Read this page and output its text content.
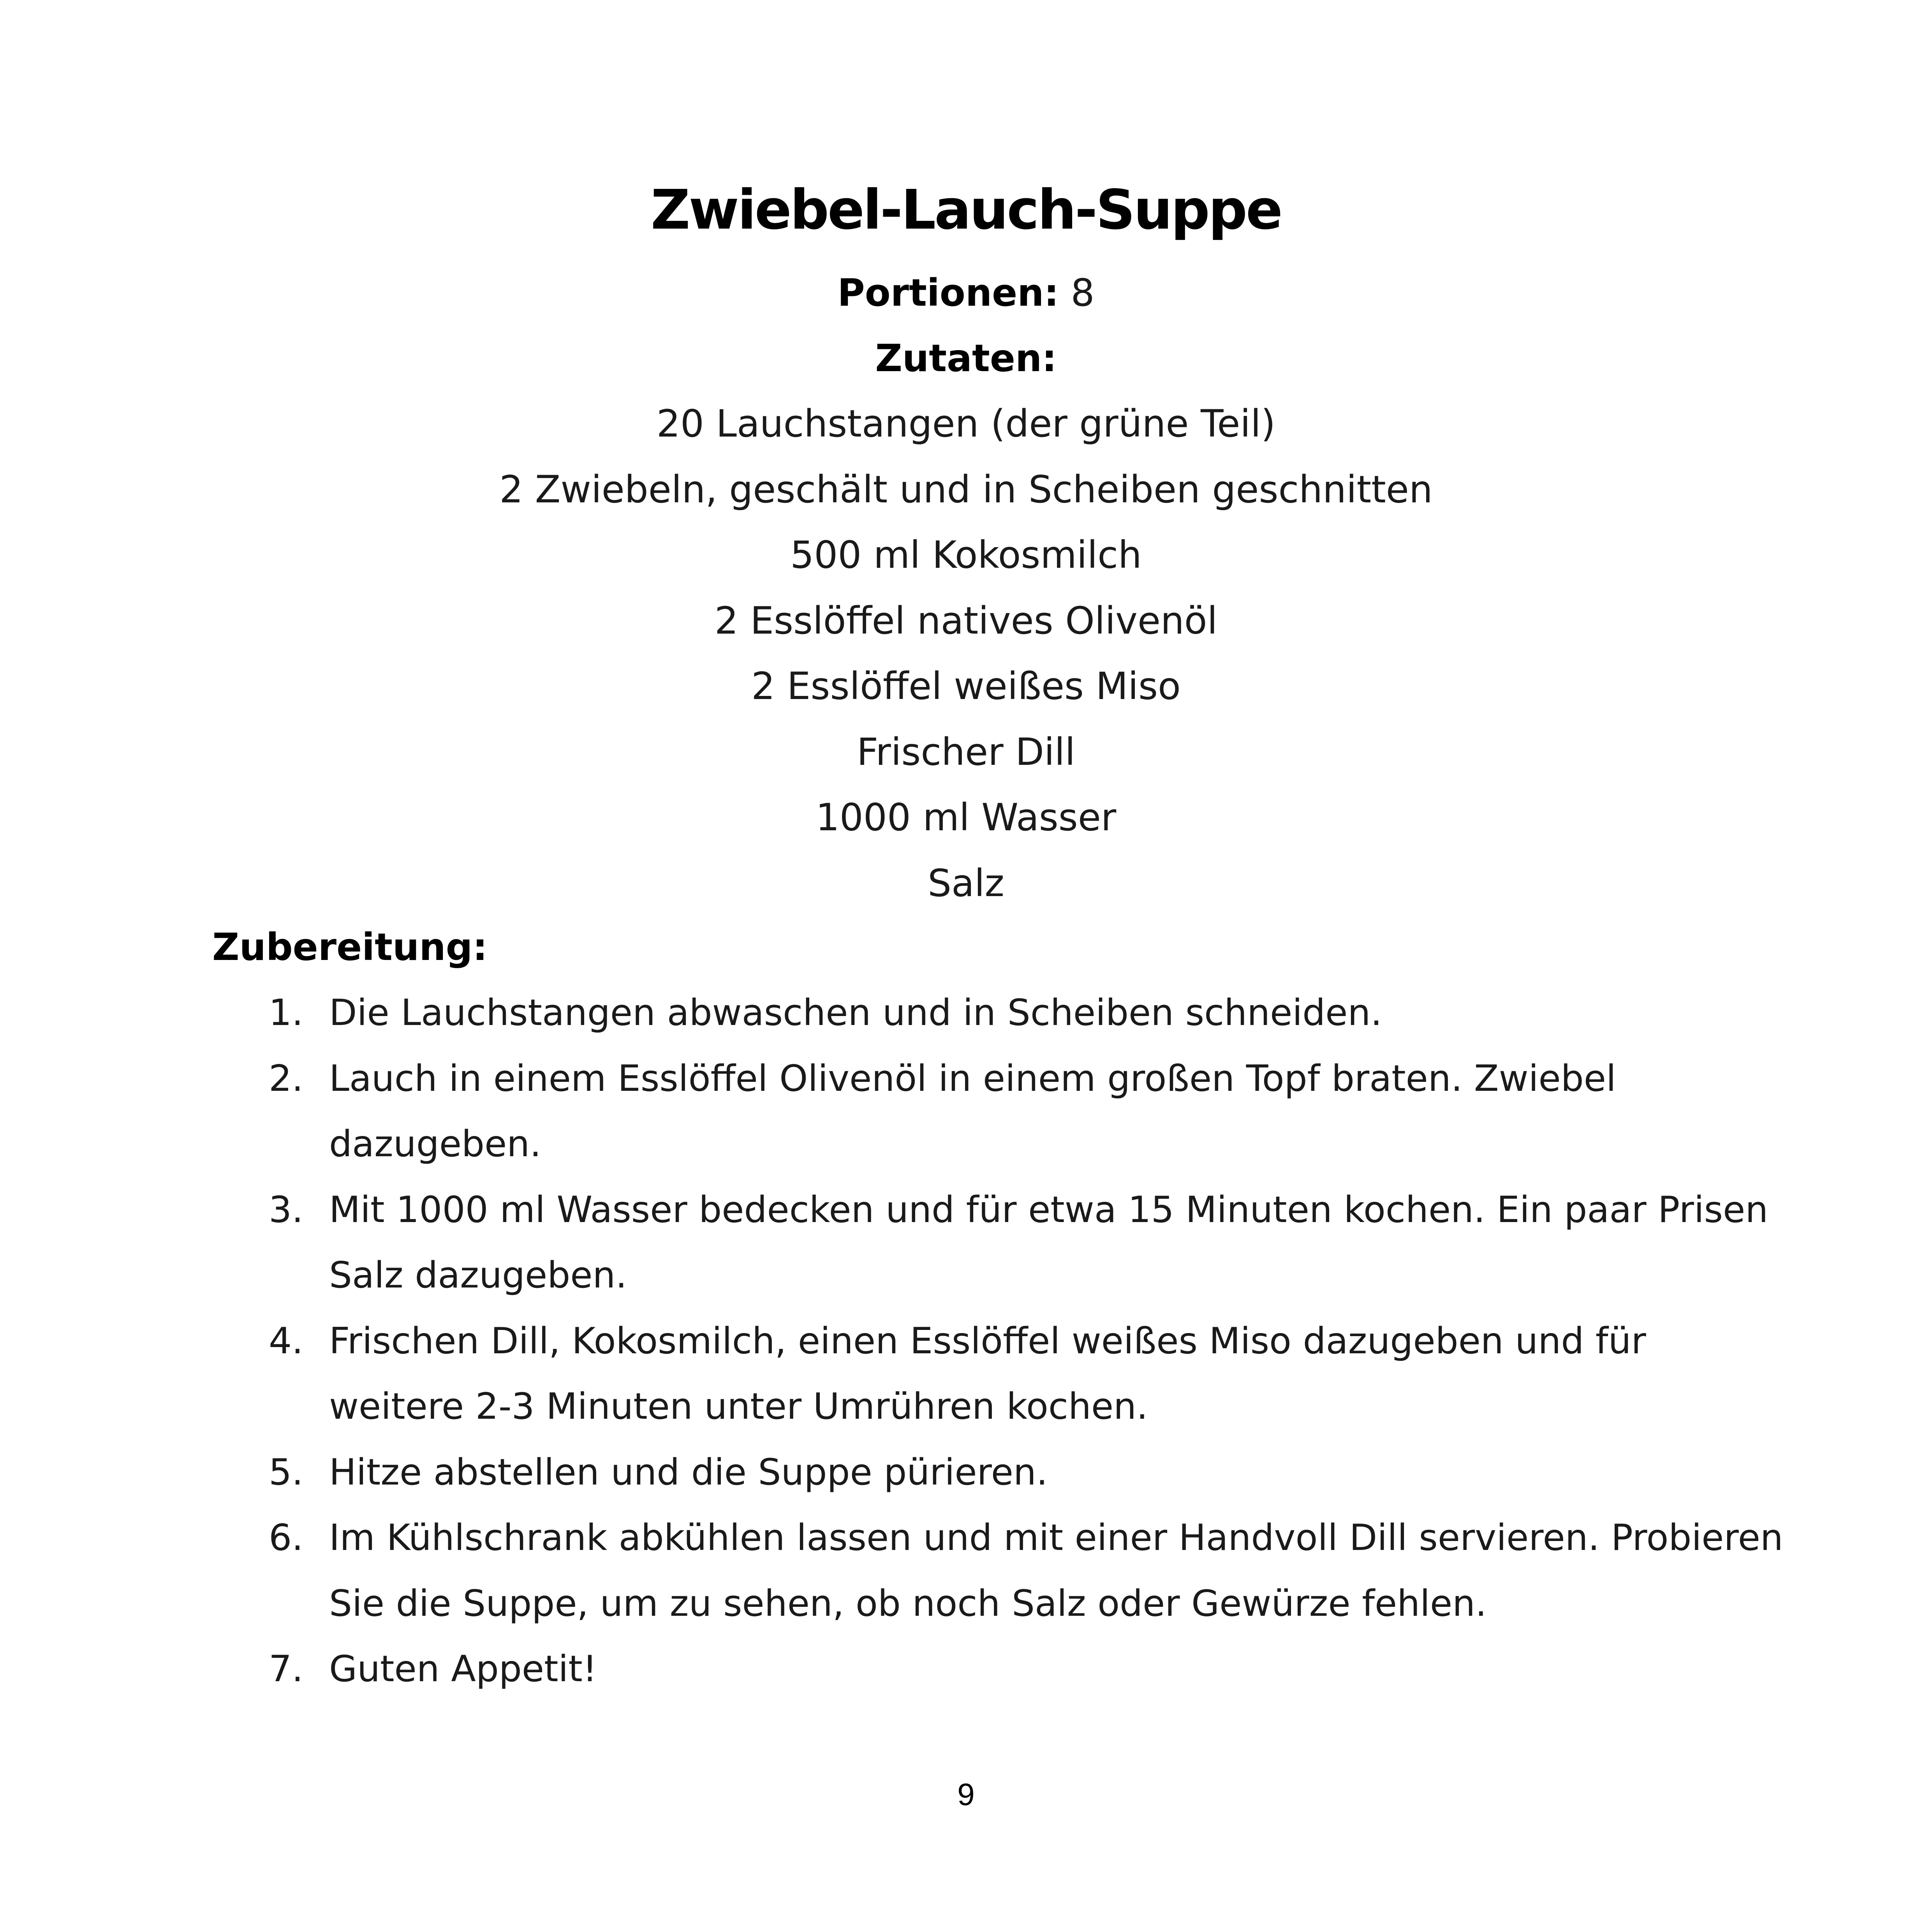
Zwiebel-Lauch-Suppe
Portionen: 8
Zutaten:
20 Lauchstangen (der grüne Teil)
2 Zwiebeln, geschält und in Scheiben geschnitten
500 ml Kokosmilch
2 Esslöffel natives Olivenöl
2 Esslöffel weißes Miso
Frischer Dill
1000 ml Wasser
Salz
Zubereitung:
1. Die Lauchstangen abwaschen und in Scheiben schneiden.
2. Lauch in einem Esslöffel Olivenöl in einem großen Topf braten. Zwiebel
dazugeben.
3. Mit 1000 ml Wasser bedecken und für etwa 15 Minuten kochen. Ein paar Prisen
Salz dazugeben.
4. Frischen Dill, Kokosmilch, einen Esslöffel weißes Miso dazugeben und für
weitere 2-3 Minuten unter Umrühren kochen.
5. Hitze abstellen und die Suppe pürieren.
6. Im Kühlschrank abkühlen lassen und mit einer Handvoll Dill servieren. Probieren
Sie die Suppe, um zu sehen, ob noch Salz oder Gewürze fehlen.
7. Guten Appetit!
9
